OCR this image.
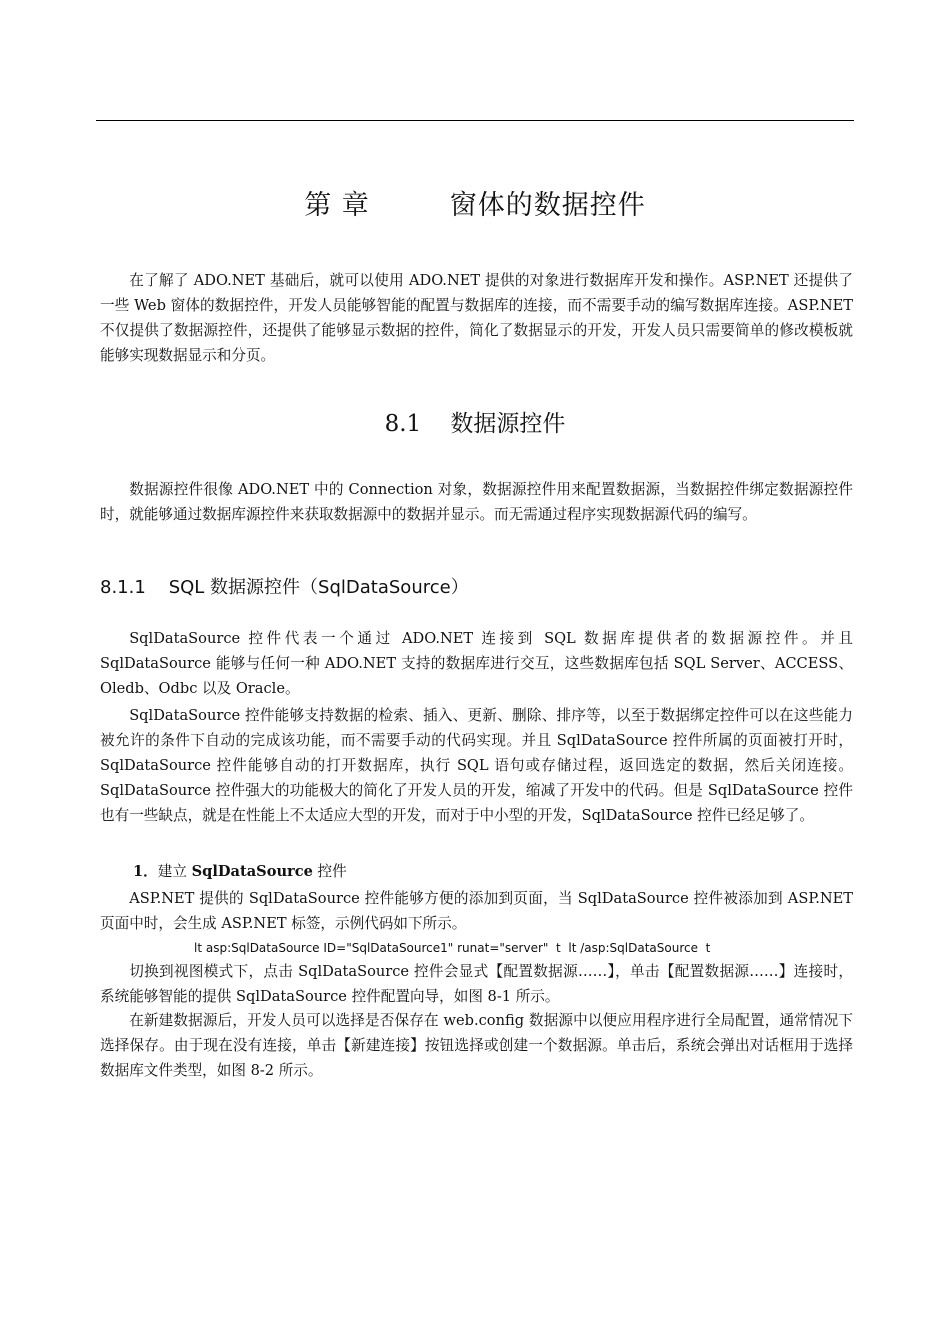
第 章	窗体的数据控件

在了解了 ADO.NET 基础后，就可以使用 ADO.NET 提供的对象进行数据库开发和操作。ASP.NET 还提供了一些 Web 窗体的数据控件，开发人员能够智能的配置与数据库的连接，而不需要手动的编写数据库连接。ASP.NET 不仅提供了数据源控件，还提供了能够显示数据的控件，简化了数据显示的开发，开发人员只需要简单的修改模板就能够实现数据显示和分页。

8.1 数据源控件

数据源控件很像 ADO.NET 中的 Connection 对象，数据源控件用来配置数据源，当数据控件绑定数据源控件时，就能够通过数据库源控件来获取数据源中的数据并显示。而无需通过程序实现数据源代码的编写。

8.1.1 SQL 数据源控件（SqlDataSource）

SqlDataSource 控件代表一个通过 ADO.NET 连接到 SQL 数据库提供者的数据源控件。并且 SqlDataSource 能够与任何一种 ADO.NET 支持的数据库进行交互，这些数据库包括 SQL Server、ACCESS、Oledb、Odbc 以及 Oracle。

SqlDataSource 控件能够支持数据的检索、插入、更新、删除、排序等，以至于数据绑定控件可以在这些能力被允许的条件下自动的完成该功能，而不需要手动的代码实现。并且 SqlDataSource 控件所属的页面被打开时，SqlDataSource 控件能够自动的打开数据库，执行 SQL 语句或存储过程，返回选定的数据，然后关闭连接。SqlDataSource 控件强大的功能极大的简化了开发人员的开发，缩减了开发中的代码。但是 SqlDataSource 控件也有一些缺点，就是在性能上不太适应大型的开发，而对于中小型的开发，SqlDataSource 控件已经足够了。

1．建立 SqlDataSource 控件

ASP.NET 提供的 SqlDataSource 控件能够方便的添加到页面，当 SqlDataSource 控件被添加到 ASP.NET 页面中时，会生成 ASP.NET 标签，示例代码如下所示。

lt asp:SqlDataSource ID="SqlDataSource1" runat="server"  t  lt /asp:SqlDataSource  t

切换到视图模式下，点击 SqlDataSource 控件会显式【配置数据源……】，单击【配置数据源……】连接时，系统能够智能的提供 SqlDataSource 控件配置向导，如图 8-1 所示。

在新建数据源后，开发人员可以选择是否保存在 web.config 数据源中以便应用程序进行全局配置，通常情况下选择保存。由于现在没有连接，单击【新建连接】按钮选择或创建一个数据源。单击后，系统会弹出对话框用于选择数据库文件类型，如图 8-2 所示。
